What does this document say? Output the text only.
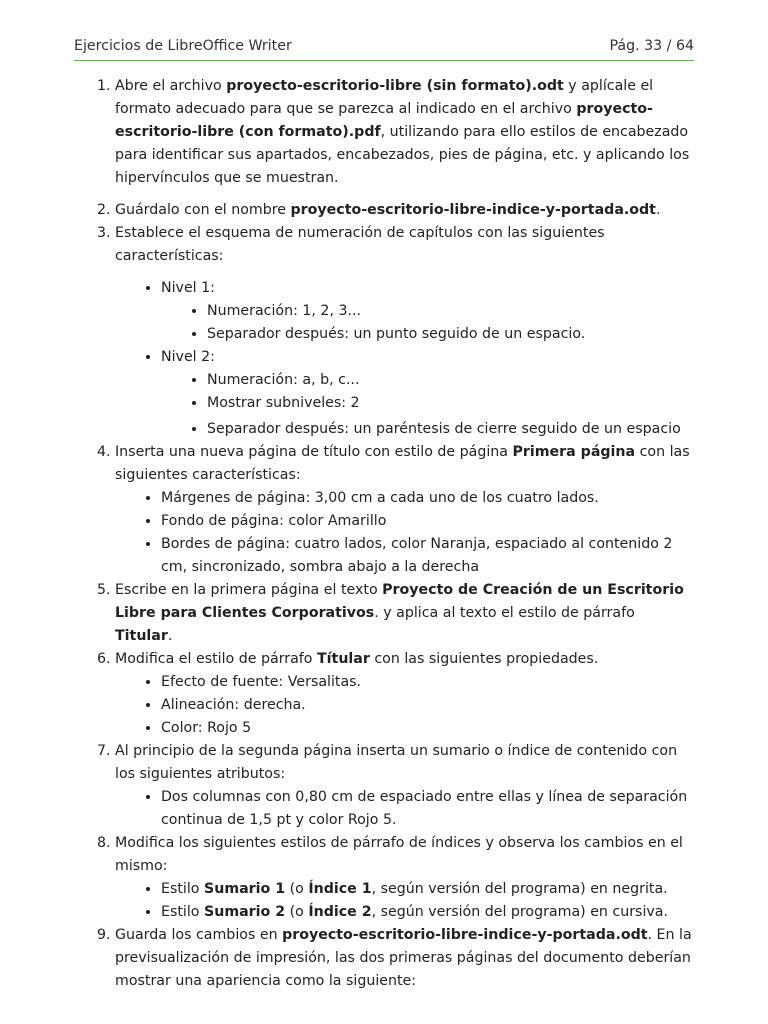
Ejercicios de LibreOffice Writer	Pág. 33 / 64
1. Abre el archivo proyecto-escritorio-libre (sin formato).odt y aplícale el formato adecuado para que se parezca al indicado en el archivo proyecto-escritorio-libre (con formato).pdf, utilizando para ello estilos de encabezado para identificar sus apartados, encabezados, pies de página, etc. y aplicando los hipervínculos que se muestran.
2. Guárdalo con el nombre proyecto-escritorio-libre-indice-y-portada.odt.
3. Establece el esquema de numeración de capítulos con las siguientes características:
• Nivel 1:
• Numeración: 1, 2, 3...
• Separador después: un punto seguido de un espacio.
• Nivel 2:
• Numeración: a, b, c...
• Mostrar subniveles: 2
• Separador después: un paréntesis de cierre seguido de un espacio
4. Inserta una nueva página de título con estilo de página Primera página con las siguientes características:
• Márgenes de página: 3,00 cm a cada uno de los cuatro lados.
• Fondo de página: color Amarillo
• Bordes de página: cuatro lados, color Naranja, espaciado al contenido 2 cm, sincronizado, sombra abajo a la derecha
5. Escribe en la primera página el texto Proyecto de Creación de un Escritorio Libre para Clientes Corporativos. y aplica al texto el estilo de párrafo Titular.
6. Modifica el estilo de párrafo Títular con las siguientes propiedades.
• Efecto de fuente: Versalitas.
• Alineación: derecha.
• Color: Rojo 5
7. Al principio de la segunda página inserta un sumario o índice de contenido con los siguientes atributos:
• Dos columnas con 0,80 cm de espaciado entre ellas y línea de separación continua de 1,5 pt y color Rojo 5.
8. Modifica los siguientes estilos de párrafo de índices y observa los cambios en el mismo:
• Estilo Sumario 1 (o Índice 1, según versión del programa) en negrita.
• Estilo Sumario 2 (o Índice 2, según versión del programa) en cursiva.
9. Guarda los cambios en proyecto-escritorio-libre-indice-y-portada.odt. En la previsualización de impresión, las dos primeras páginas del documento deberían mostrar una apariencia como la siguiente:
